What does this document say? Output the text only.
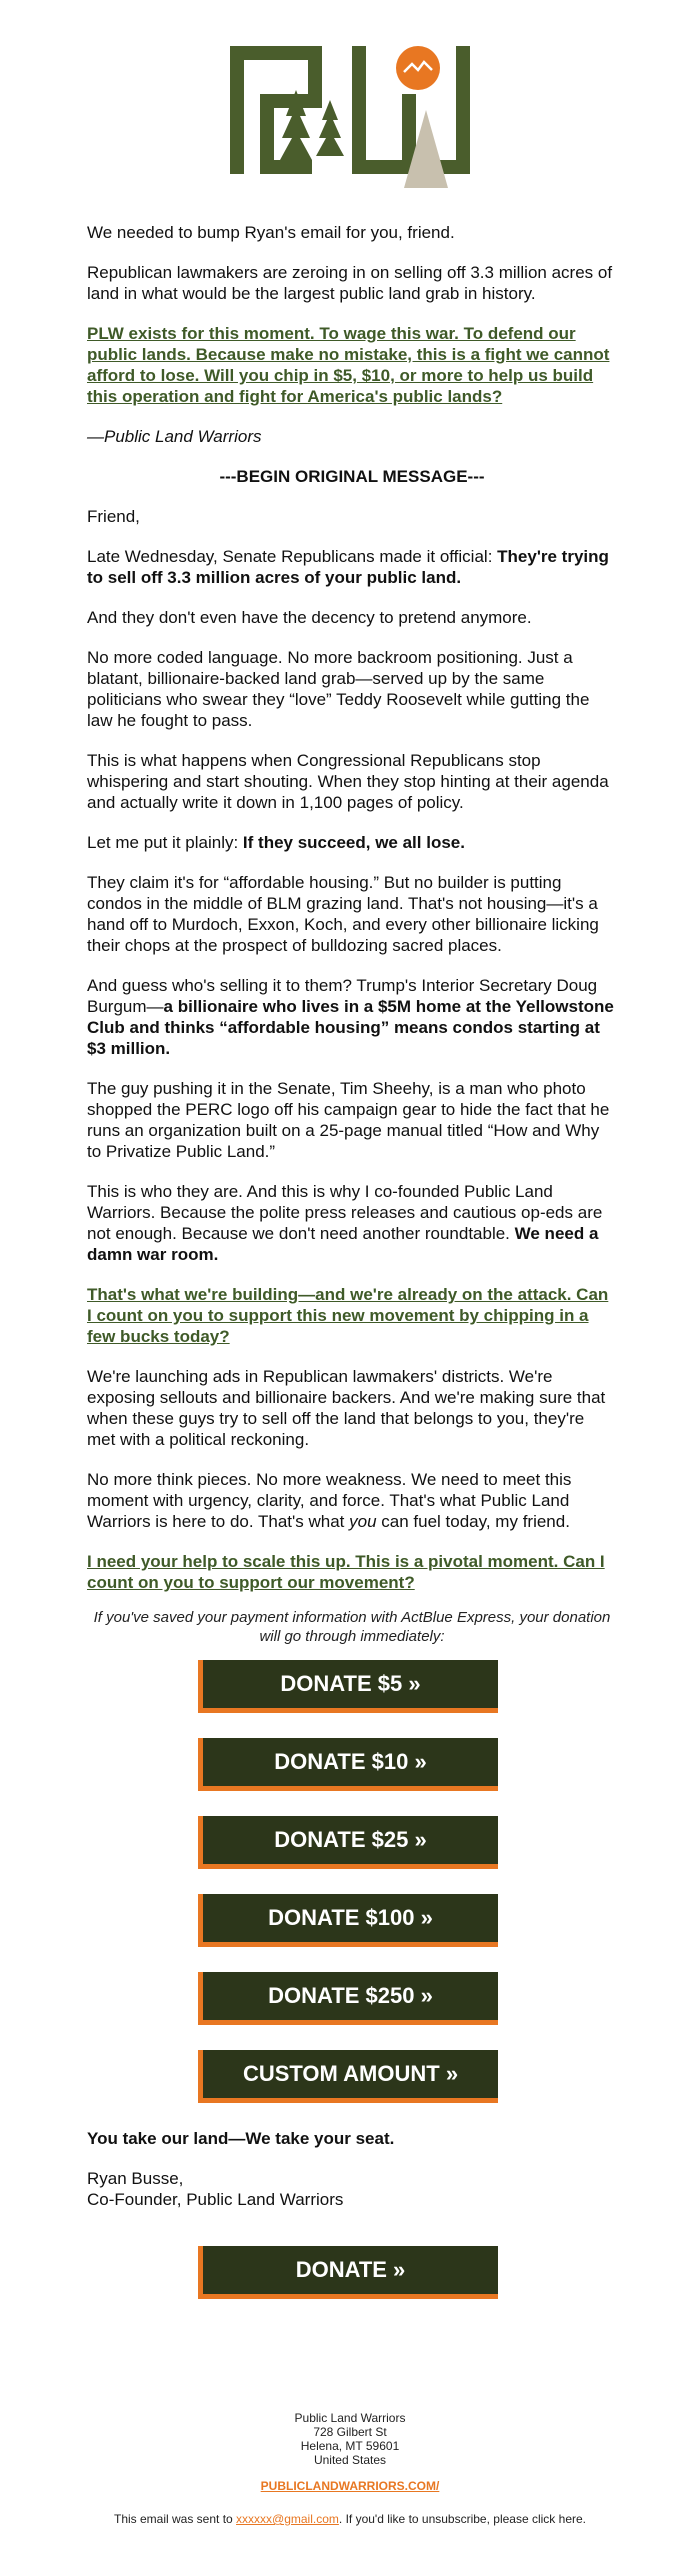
We needed to bump Ryan's email for you, friend.

Republican lawmakers are zeroing in on selling off 3.3 million acres of land in what would be the largest public land grab in history.

PLW exists for this moment. To wage this war. To defend our public lands. Because make no mistake, this is a fight we cannot afford to lose. Will you chip in $5, $10, or more to help us build this operation and fight for America's public lands?

—Public Land Warriors

---BEGIN ORIGINAL MESSAGE---

Friend,

Late Wednesday, Senate Republicans made it official: They're trying to sell off 3.3 million acres of your public land.

And they don't even have the decency to pretend anymore.

No more coded language. No more backroom positioning. Just a blatant, billionaire-backed land grab—served up by the same politicians who swear they “love” Teddy Roosevelt while gutting the law he fought to pass.

This is what happens when Congressional Republicans stop whispering and start shouting. When they stop hinting at their agenda and actually write it down in 1,100 pages of policy.

Let me put it plainly: If they succeed, we all lose.

They claim it's for “affordable housing.” But no builder is putting condos in the middle of BLM grazing land. That's not housing—it's a hand off to Murdoch, Exxon, Koch, and every other billionaire licking their chops at the prospect of bulldozing sacred places.

And guess who's selling it to them? Trump's Interior Secretary Doug Burgum—a billionaire who lives in a $5M home at the Yellowstone Club and thinks “affordable housing” means condos starting at $3 million.

The guy pushing it in the Senate, Tim Sheehy, is a man who photo shopped the PERC logo off his campaign gear to hide the fact that he runs an organization built on a 25-page manual titled “How and Why to Privatize Public Land.”

This is who they are. And this is why I co-founded Public Land Warriors. Because the polite press releases and cautious op-eds are not enough. Because we don't need another roundtable. We need a damn war room.

That's what we're building—and we're already on the attack. Can I count on you to support this new movement by chipping in a few bucks today?

We're launching ads in Republican lawmakers' districts. We're exposing sellouts and billionaire backers. And we're making sure that when these guys try to sell off the land that belongs to you, they're met with a political reckoning.

No more think pieces. No more weakness. We need to meet this moment with urgency, clarity, and force. That's what Public Land Warriors is here to do. That's what you can fuel today, my friend.

I need your help to scale this up. This is a pivotal moment. Can I count on you to support our movement?

If you've saved your payment information with ActBlue Express, your donation will go through immediately:

DONATE $5 »
DONATE $10 »
DONATE $25 »
DONATE $100 »
DONATE $250 »
CUSTOM AMOUNT »

You take our land—We take your seat.

Ryan Busse,
Co-Founder, Public Land Warriors

DONATE »
Public Land Warriors
728 Gilbert St
Helena, MT 59601
United States
PUBLICLANDWARRIORS.COM/
This email was sent to xxxxxx@gmail.com. If you'd like to unsubscribe, please click here.
